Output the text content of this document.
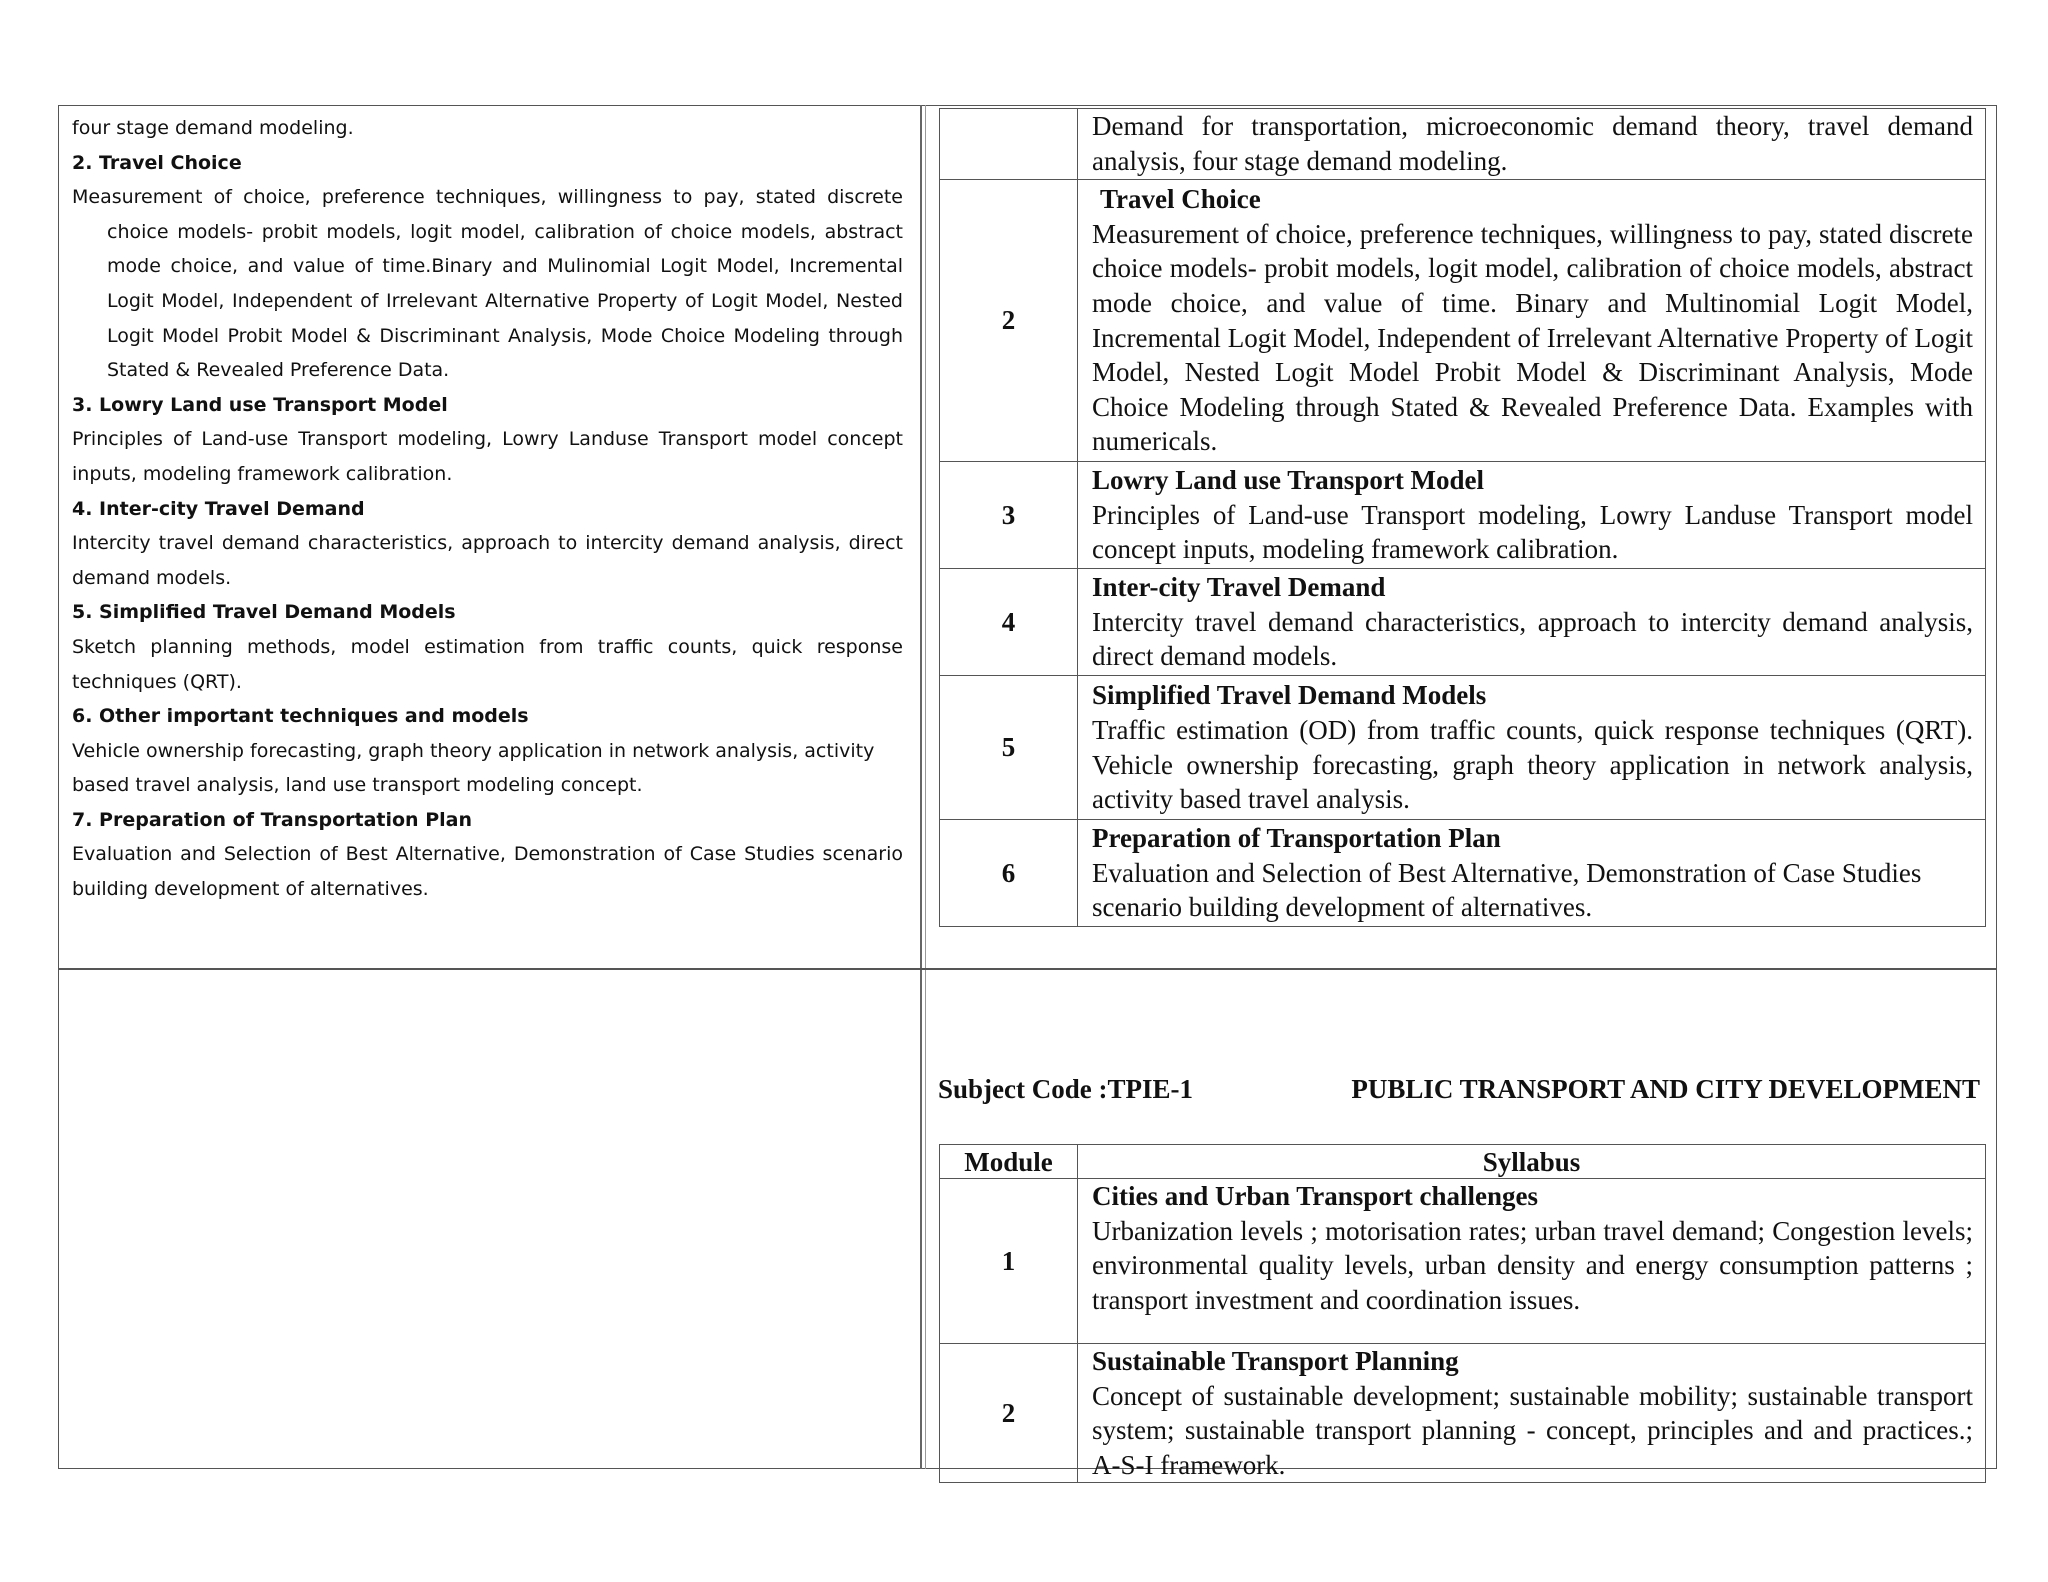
four stage demand modeling.

2. Travel Choice

Measurement of choice, preference techniques, willingness to pay, stated discrete

choice models- probit models, logit model, calibration of choice models, abstract mode choice, and value of time.Binary and Mulinomial Logit Model, Incremental Logit Model, Independent of Irrelevant Alternative Property of Logit Model, Nested Logit Model Probit Model & Discriminant Analysis, Mode Choice Modeling through Stated & Revealed Preference Data.

3. Lowry Land use Transport Model

Principles of Land-use Transport modeling, Lowry Landuse Transport model concept inputs, modeling framework calibration.

4. Inter-city Travel Demand

Intercity travel demand characteristics, approach to intercity demand analysis, direct demand models.

5. Simplified Travel Demand Models

Sketch planning methods, model estimation from traffic counts, quick response techniques (QRT).

6. Other important techniques and models

Vehicle ownership forecasting, graph theory application in network analysis, activity based travel analysis, land use transport modeling concept.

7. Preparation of Transportation Plan

Evaluation and Selection of Best Alternative, Demonstration of Case Studies scenario building development of alternatives.

	Demand for transportation, microeconomic demand theory, travel demand analysis, four stage demand modeling.
2	Travel Choice
Measurement of choice, preference techniques, willingness to pay, stated discrete choice models- probit models, logit model, calibration of choice models, abstract mode choice, and value of time. Binary and Multinomial Logit Model, Incremental Logit Model, Independent of Irrelevant Alternative Property of Logit Model, Nested Logit Model Probit Model & Discriminant Analysis, Mode Choice Modeling through Stated & Revealed Preference Data. Examples with numericals.
3	Lowry Land use Transport Model
Principles of Land-use Transport modeling, Lowry Landuse Transport model concept inputs, modeling framework calibration.
4	Inter-city Travel Demand
Intercity travel demand characteristics, approach to intercity demand analysis, direct demand models.
5	Simplified Travel Demand Models
Traffic estimation (OD) from traffic counts, quick response techniques (QRT). Vehicle ownership forecasting, graph theory application in network analysis, activity based travel analysis.
6	Preparation of Transportation Plan
Evaluation and Selection of Best Alternative, Demonstration of Case Studies scenario building development of alternatives.
Subject Code :TPIE-1	PUBLIC TRANSPORT AND CITY DEVELOPMENT
Module	Syllabus
1	Cities and Urban Transport challenges
Urbanization levels ; motorisation rates; urban travel demand; Congestion levels; environmental quality levels, urban density and energy consumption patterns ; transport investment and coordination issues.
2	Sustainable Transport Planning
Concept of sustainable development; sustainable mobility; sustainable transport system; sustainable transport planning - concept, principles and and practices.; A-S-I framework.
